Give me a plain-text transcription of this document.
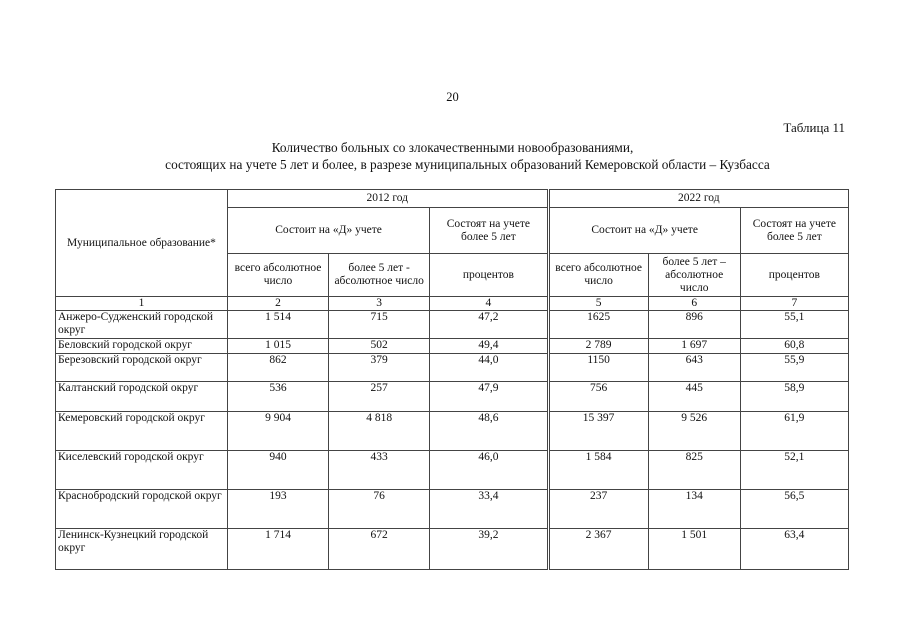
20
Таблица 11
Количество больных со злокачественными новообразованиями,
состоящих на учете 5 лет и более, в разрезе муниципальных образований Кемеровской области – Кузбасса
Муниципальное образование*	2012 год			2022 год		
	Состоит на «Д» учете		Состоят на учете более 5 лет	Состоит на «Д» учете		Состоят на учете более 5 лет
	всего абсолютное число	более 5 лет - абсолютное число	процентов	всего абсолютное число	более 5 лет – абсолютное число	процентов
1	2	3	4	5	6	7
Анжеро-Судженский городской округ	1 514	715	47,2	1625	896	55,1
Беловский городской округ	1 015	502	49,4	2 789	1 697	60,8
Березовский городской округ	862	379	44,0	1150	643	55,9
Калтанский городской округ	536	257	47,9	756	445	58,9
Кемеровский городской округ	9 904	4 818	48,6	15 397	9 526	61,9
Киселевский городской округ	940	433	46,0	1 584	825	52,1
Краснобродский городской округ	193	76	33,4	237	134	56,5
Ленинск-Кузнецкий городской округ	1 714	672	39,2	2 367	1 501	63,4
